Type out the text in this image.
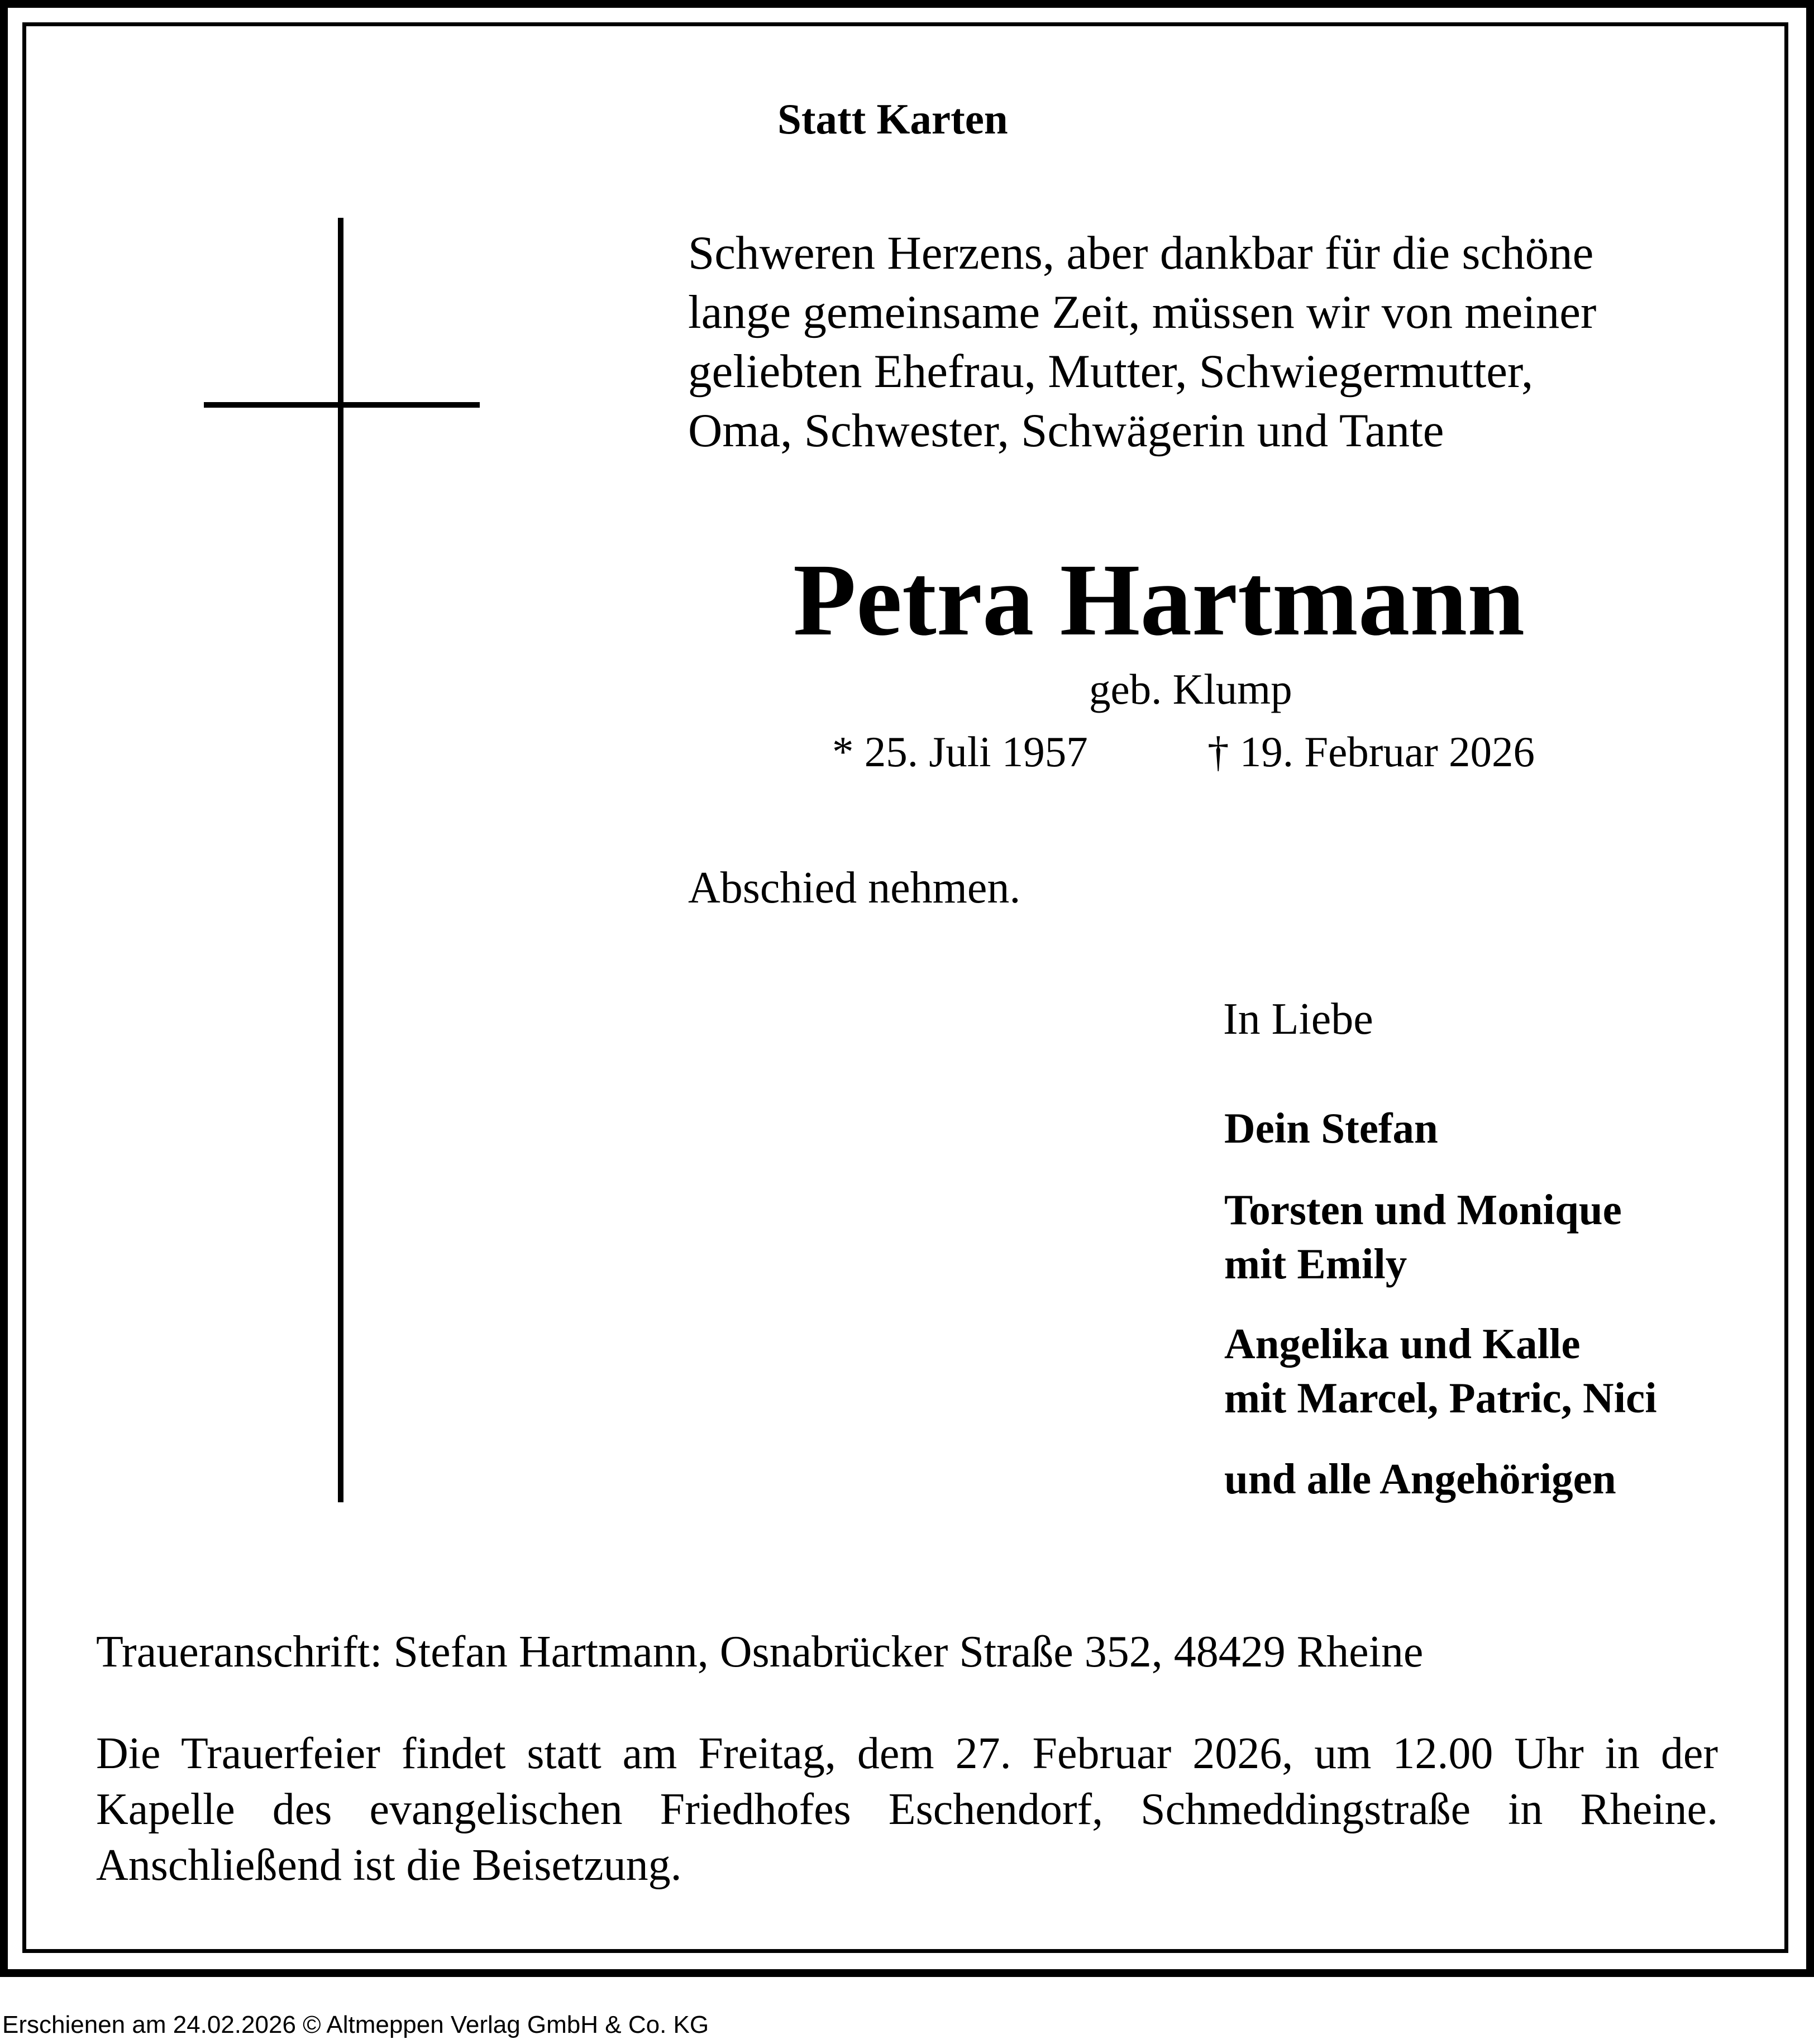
Statt Karten
Schweren Herzens, aber dankbar für die schöne
lange gemeinsame Zeit, müssen wir von meiner
geliebten Ehefrau, Mutter, Schwiegermutter,
Oma, Schwester, Schwägerin und Tante
Petra Hartmann
geb. Klump
* 25. Juli 1957	† 19. Februar 2026
Abschied nehmen.
In Liebe
Dein Stefan
Torsten und Monique
mit Emily
Angelika und Kalle
mit Marcel, Patric, Nici
und alle Angehörigen
Traueranschrift: Stefan Hartmann, Osnabrücker Straße 352, 48429 Rheine
Die Trauerfeier findet statt am Freitag, dem 27. Februar 2026, um 12.00 Uhr in der Kapelle des evangelischen Friedhofes Eschendorf, Schmeddingstraße in Rheine. Anschließend ist die Beisetzung.
Erschienen am 24.02.2026 © Altmeppen Verlag GmbH & Co. KG
